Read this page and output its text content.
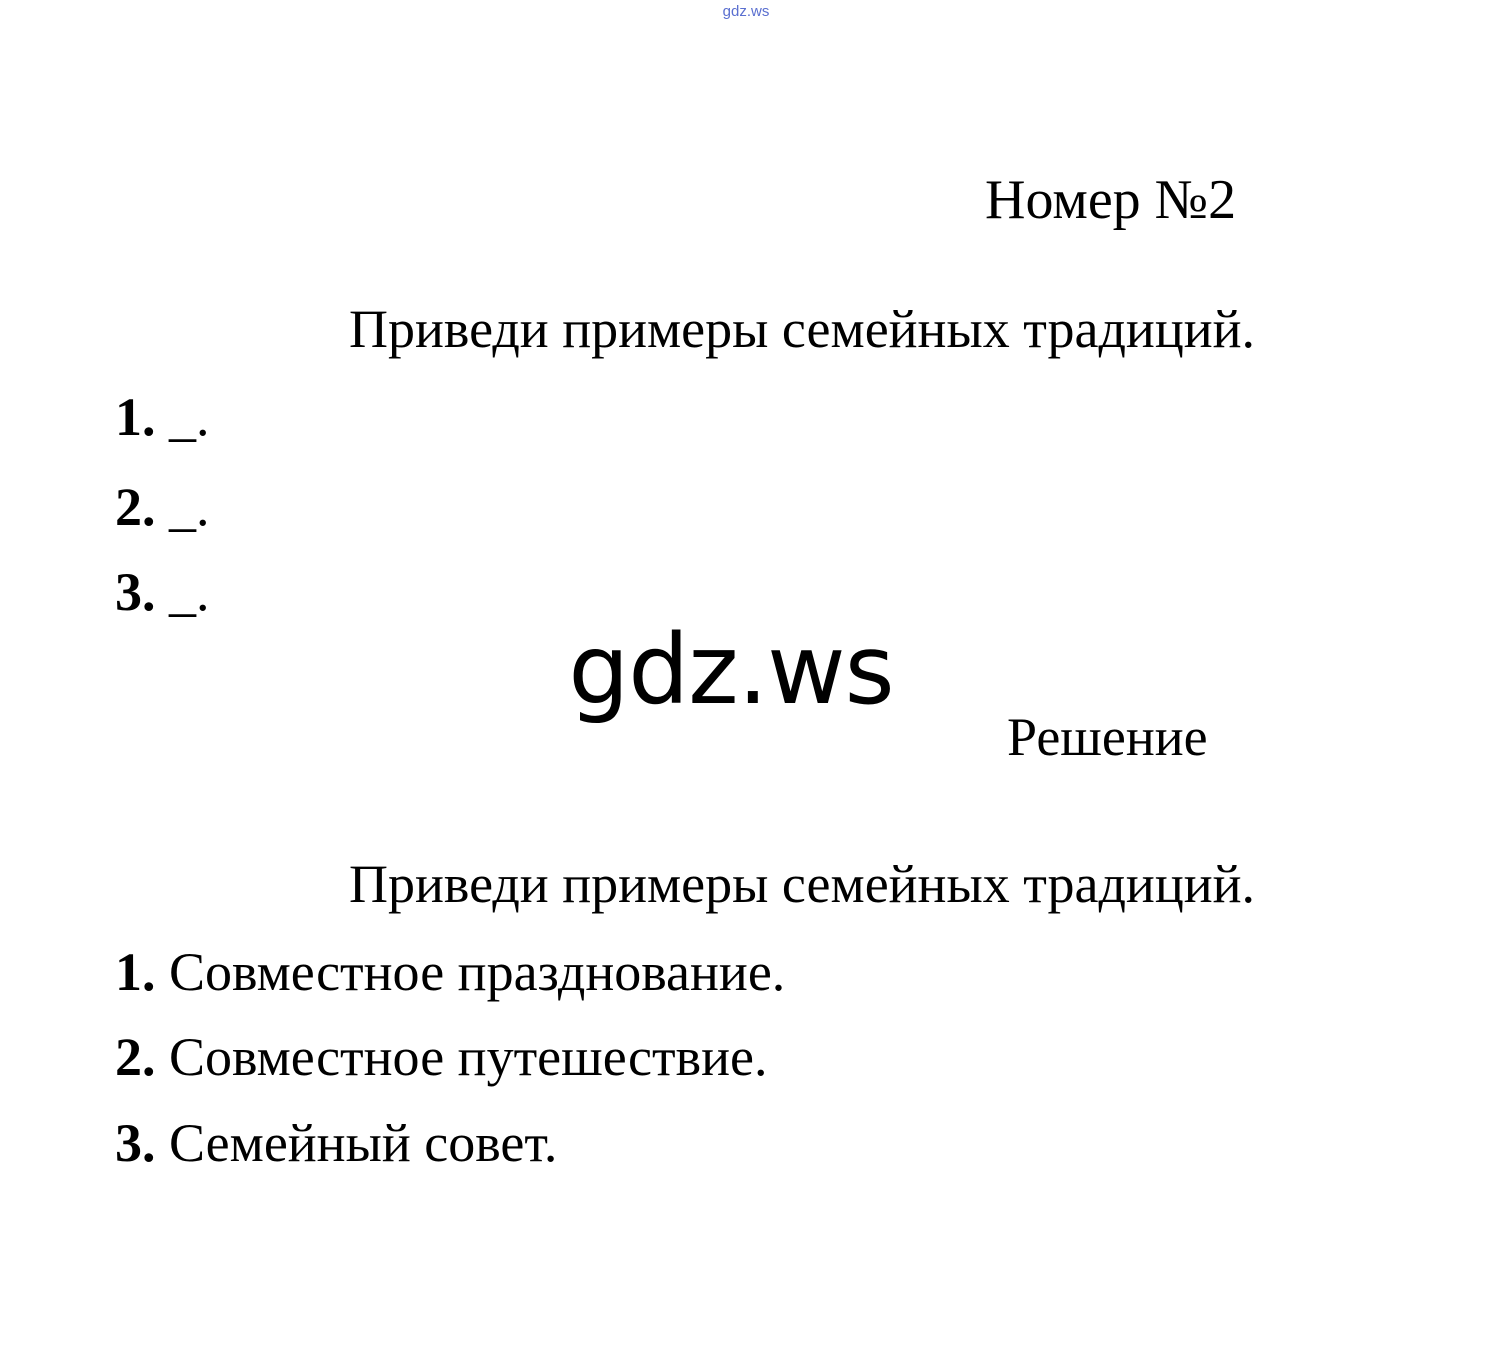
gdz.ws
Номер №2
Приведи примеры семейных традиций.
1. _.
2. _.
3. _.
gdz.ws
Решение
Приведи примеры семейных традиций.
1. Совместное празднование.
2. Совместное путешествие.
3. Семейный совет.
